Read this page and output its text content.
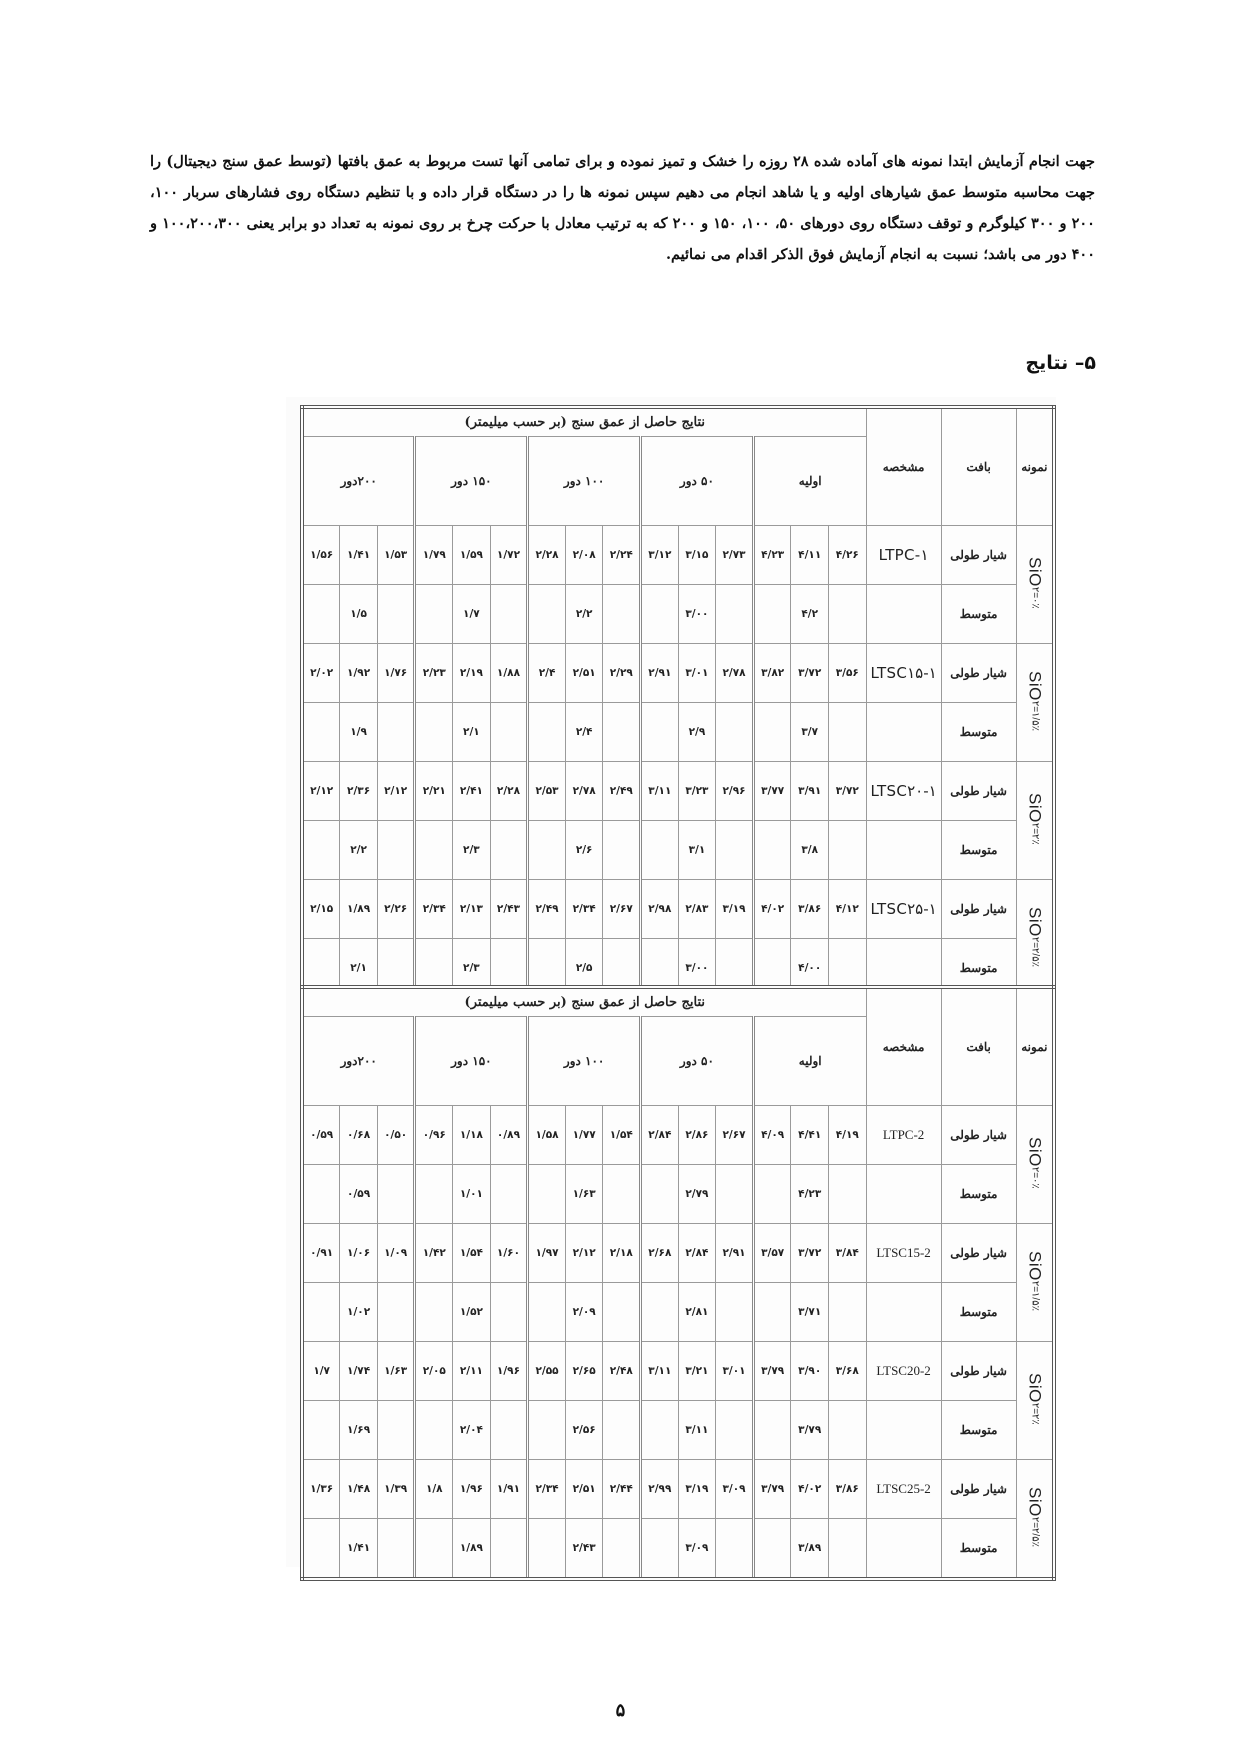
جهت انجام آزمایش ابتدا نمونه های آماده شده ۲۸ روزه را خشک و تمیز نموده و برای تمامی آنها تست مربوط به عمق بافتها (توسط عمق سنج دیجیتال) را جهت محاسبه متوسط عمق شیارهای اولیه و یا شاهد انجام می دهیم سپس نمونه ها را در دستگاه قرار داده و با تنظیم دستگاه روی فشارهای سربار ۱۰۰، ۲۰۰ و ۳۰۰ کیلوگرم و توقف دستگاه روی دورهای ۵۰، ۱۰۰، ۱۵۰ و ۲۰۰ که به ترتیب معادل با حرکت چرخ بر روی نمونه به تعداد دو برابر یعنی ۱۰۰،۲۰۰،۳۰۰ و ۴۰۰ دور می باشد؛ نسبت به انجام آزمایش فوق الذکر اقدام می نمائیم.
۵– نتایج
نمونه	بافت	مشخصه	نتایج حاصل از عمق سنج (بر حسب میلیمتر)														
			اولیه			۵۰ دور			۱۰۰ دور			۱۵۰ دور			۲۰۰دور		
SiO۲=۰٪	شیار طولی	LTPC-۱	۴/۲۶	۴/۱۱	۴/۲۳	۲/۷۳	۳/۱۵	۳/۱۲	۲/۲۴	۲/۰۸	۲/۲۸	۱/۷۲	۱/۵۹	۱/۷۹	۱/۵۳	۱/۴۱	۱/۵۶
	متوسط			۴/۲			۳/۰۰			۲/۲			۱/۷			۱/۵	
SiO۲=۱/۵٪	شیار طولی	LTSC۱۵-۱	۳/۵۶	۳/۷۲	۳/۸۲	۲/۷۸	۳/۰۱	۲/۹۱	۲/۲۹	۲/۵۱	۲/۴	۱/۸۸	۲/۱۹	۲/۲۳	۱/۷۶	۱/۹۲	۲/۰۲
	متوسط			۳/۷			۲/۹			۲/۴			۲/۱			۱/۹	
SiO۲=۲٪	شیار طولی	LTSC۲۰-۱	۳/۷۲	۳/۹۱	۳/۷۷	۲/۹۶	۳/۲۳	۳/۱۱	۲/۴۹	۲/۷۸	۲/۵۳	۲/۲۸	۲/۴۱	۲/۲۱	۲/۱۲	۲/۳۶	۲/۱۲
	متوسط			۳/۸			۳/۱			۲/۶			۲/۳			۲/۲	
SiO۲=۲/۵٪	شیار طولی	LTSC۲۵-۱	۴/۱۲	۳/۸۶	۴/۰۲	۳/۱۹	۲/۸۳	۲/۹۸	۲/۶۷	۲/۳۴	۲/۴۹	۲/۴۳	۲/۱۳	۲/۳۴	۲/۲۶	۱/۸۹	۲/۱۵
	متوسط			۴/۰۰			۳/۰۰			۲/۵			۲/۳			۲/۱	
نمونه	بافت	مشخصه	نتایج حاصل از عمق سنج (بر حسب میلیمتر)														
			اولیه			۵۰ دور			۱۰۰ دور			۱۵۰ دور			۲۰۰دور		
SiO۲=۰٪	شیار طولی	LTPC-2	۴/۱۹	۴/۴۱	۴/۰۹	۲/۶۷	۲/۸۶	۲/۸۴	۱/۵۴	۱/۷۷	۱/۵۸	۰/۸۹	۱/۱۸	۰/۹۶	۰/۵۰	۰/۶۸	۰/۵۹
	متوسط			۴/۲۳			۲/۷۹			۱/۶۳			۱/۰۱			۰/۵۹	
SiO۲=۱/۵٪	شیار طولی	LTSC15-2	۳/۸۴	۳/۷۲	۳/۵۷	۲/۹۱	۲/۸۴	۲/۶۸	۲/۱۸	۲/۱۲	۱/۹۷	۱/۶۰	۱/۵۴	۱/۴۲	۱/۰۹	۱/۰۶	۰/۹۱
	متوسط			۳/۷۱			۲/۸۱			۲/۰۹			۱/۵۲			۱/۰۲	
SiO۲=۲٪	شیار طولی	LTSC20-2	۳/۶۸	۳/۹۰	۳/۷۹	۳/۰۱	۳/۲۱	۳/۱۱	۲/۴۸	۲/۶۵	۲/۵۵	۱/۹۶	۲/۱۱	۲/۰۵	۱/۶۳	۱/۷۴	۱/۷
	متوسط			۳/۷۹			۳/۱۱			۲/۵۶			۲/۰۴			۱/۶۹	
SiO۲=۲/۵٪	شیار طولی	LTSC25-2	۳/۸۶	۴/۰۲	۳/۷۹	۳/۰۹	۳/۱۹	۲/۹۹	۲/۴۴	۲/۵۱	۲/۳۴	۱/۹۱	۱/۹۶	۱/۸	۱/۳۹	۱/۴۸	۱/۳۶
	متوسط			۳/۸۹			۳/۰۹			۲/۴۳			۱/۸۹			۱/۴۱	
۵
